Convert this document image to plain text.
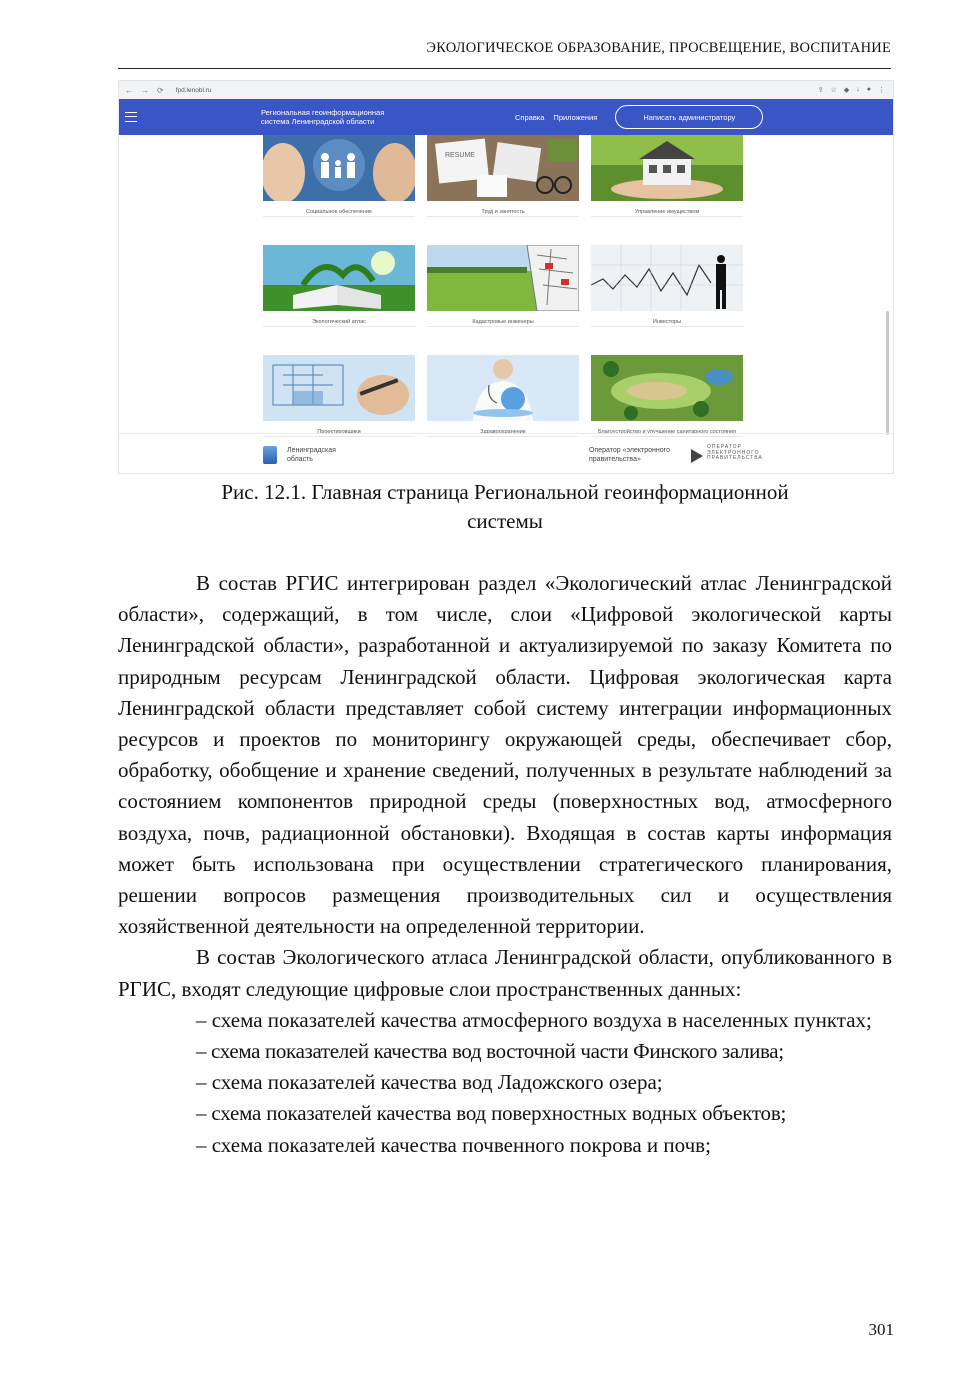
ЭКОЛОГИЧЕСКОЕ ОБРАЗОВАНИЕ, ПРОСВЕЩЕНИЕ, ВОСПИТАНИЕ
← → ⟳ fpd.lenobl.ru	⇪ ☆ ◆ ↓ ● ⋮
Региональная геоинформационная
система Ленинградской области	Справка Приложения	Написать администратору
Социальное обеспечение
RESUME
Труд и занятость	Управление имуществом
Экологический атлас	Кадастровые инженеры	Инвесторы
Проектировщики	Здравоохранение	Благоустройство и улучшение санитарного состояния
Ленинградская
область
Оператор «электронного
правительства»
ОПЕРАТОР
ЭЛЕКТРОННОГО
ПРАВИТЕЛЬСТВА
Рис. 12.1. Главная страница Региональной геоинформационной
системы

В состав РГИС интегрирован раздел «Экологический атлас Ленинградской области», содержащий, в том числе, слои «Цифровой экологической карты Ленинградской области», разработанной и актуализируемой по заказу Комитета по природным ресурсам Ленинградской области. Цифровая экологическая карта Ленинградской области представляет собой систему интеграции информационных ресурсов и проектов по мониторингу окружающей среды, обеспечивает сбор, обработку, обобщение и хранение сведений, полученных в результате наблюдений за состоянием компонентов природной среды (поверхностных вод, атмосферного воздуха, почв, радиационной обстановки). Входящая в состав карты информация может быть использована при осуществлении стратегического планирования, решении вопросов размещения производительных сил и осуществления хозяйственной деятельности на определенной территории.

В состав Экологического атласа Ленинградской области, опубликованного в РГИС, входят следующие цифровые слои пространственных данных:

– схема показателей качества атмосферного воздуха в населенных пунктах;

– схема показателей качества вод восточной части Финского залива;

– схема показателей качества вод Ладожского озера;

– схема показателей качества вод поверхностных водных объектов;

– схема показателей качества почвенного покрова и почв;

301
